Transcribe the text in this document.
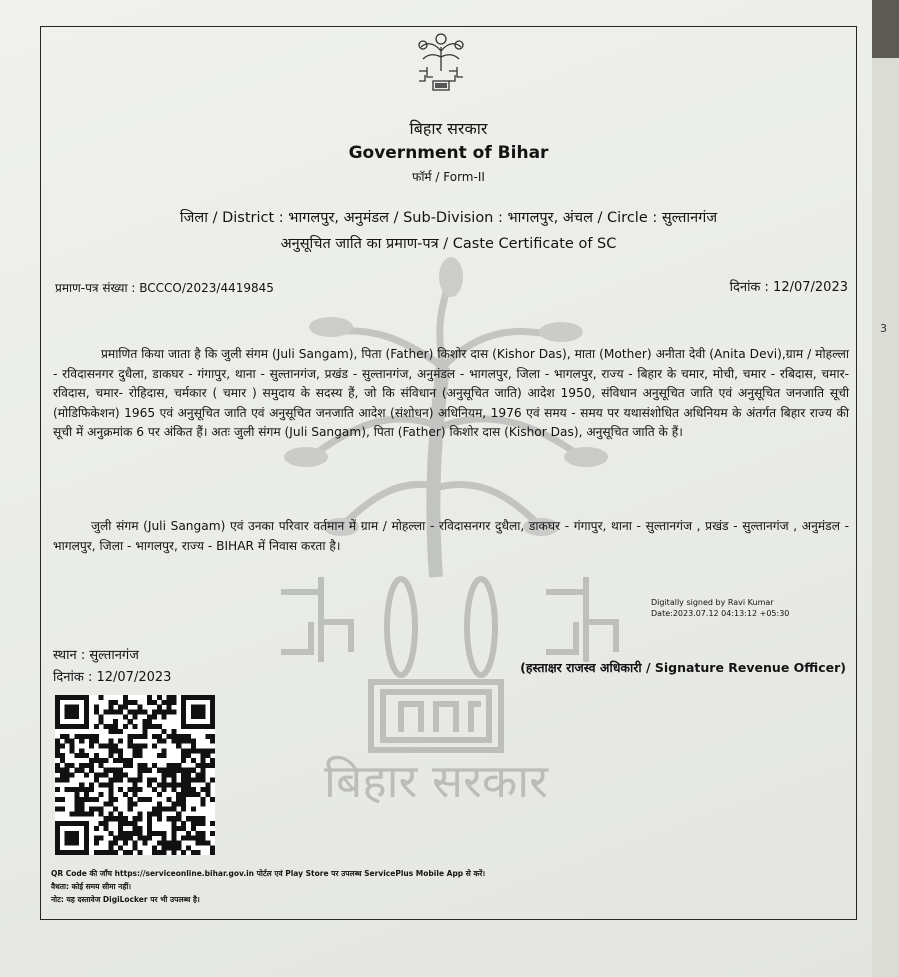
3
बिहार सरकार
बिहार सरकार
Government of Bihar
फॉर्म / Form-II
जिला / District : भागलपुर, अनुमंडल / Sub-Division : भागलपुर, अंचल / Circle : सुल्तानगंज
अनुसूचित जाति का प्रमाण-पत्र / Caste Certificate of SC
प्रमाण-पत्र संख्या : BCCCO/2023/4419845	दिनांक : 12/07/2023
प्रमाणित किया जाता है कि जुली संगम (Juli Sangam), पिता (Father) किशोर दास (Kishor Das), माता (Mother) अनीता देवी (Anita Devi),ग्राम / मोहल्ला - रविदासनगर दुधैला, डाकघर - गंगापुर, थाना - सुल्तानगंज, प्रखंड - सुल्तानगंज, अनुमंडल - भागलपुर, जिला - भागलपुर, राज्य - बिहार के चमार, मोची, चमार - रबिदास, चमार-रविदास, चमार- रोहिदास, चर्मकार ( चमार ) समुदाय के सदस्य हैं, जो कि संविधान (अनुसूचित जाति) आदेश 1950, संविधान अनुसूचित जाति एवं अनुसूचित जनजाति सूची (मोडिफिकेशन) 1965 एवं अनुसूचित जाति एवं अनुसूचित जनजाति आदेश (संशोधन) अधिनियम, 1976 एवं समय - समय पर यथासंशोधित अधिनियम के अंतर्गत बिहार राज्य की सूची में अनुक्रमांक 6 पर अंकित हैं। अतः जुली संगम (Juli Sangam), पिता (Father) किशोर दास (Kishor Das), अनुसूचित जाति के हैं।
जुली संगम (Juli Sangam) एवं उनका परिवार वर्तमान में ग्राम / मोहल्ला - रविदासनगर दुधैला, डाकघर - गंगापुर, थाना - सुल्तानगंज , प्रखंड - सुल्तानगंज , अनुमंडल - भागलपुर, जिला - भागलपुर, राज्य - BIHAR में निवास करता है।
Digitally signed by Ravi Kumar
Date:2023.07.12 04:13:12 +05:30
(हस्ताक्षर राजस्व अधिकारी / Signature Revenue Officer)
स्थान : सुल्तानगंज
दिनांक : 12/07/2023
QR Code की जाँच https://serviceonline.bihar.gov.in पोर्टल एवं Play Store पर उपलब्ध ServicePlus Mobile App से करें।
वैधता: कोई समय सीमा नहीं।
नोट: यह दस्तावेज DigiLocker पर भी उपलब्ध है।
